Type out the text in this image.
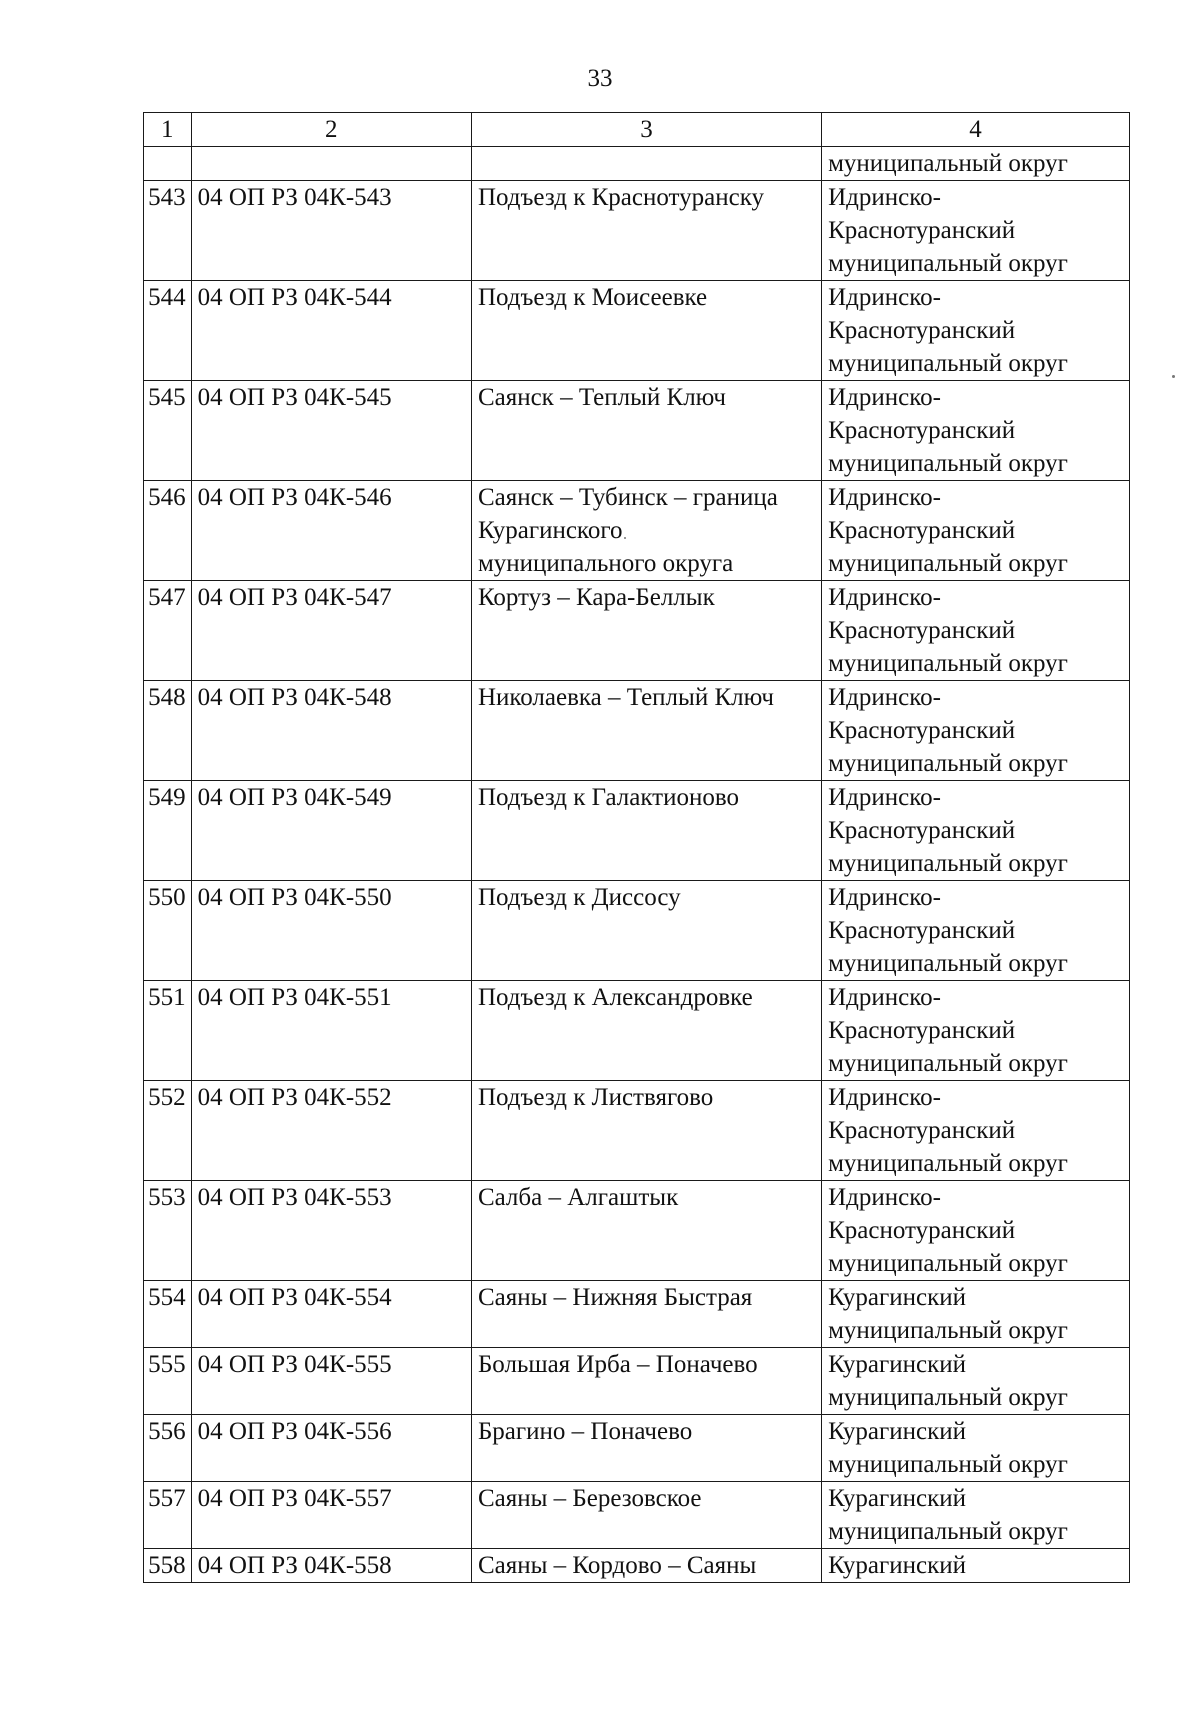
33
1	2	3	4

			муниципальный округ

543	04 ОП РЗ 04К-543	Подъезд к Краснотуранску	Идринско-
Краснотуранский
муниципальный округ

544	04 ОП РЗ 04К-544	Подъезд к Моисеевке	Идринско-
Краснотуранский
муниципальный округ

545	04 ОП РЗ 04К-545	Саянск – Теплый Ключ	Идринско-
Краснотуранский
муниципальный округ

546	04 ОП РЗ 04К-546	Саянск – Тубинск – граница
Курагинского
муниципального округа	Идринско-
Краснотуранский
муниципальный округ

547	04 ОП РЗ 04К-547	Кортуз – Кара-Беллык	Идринско-
Краснотуранский
муниципальный округ

548	04 ОП РЗ 04К-548	Николаевка – Теплый Ключ	Идринско-
Краснотуранский
муниципальный округ

549	04 ОП РЗ 04К-549	Подъезд к Галактионово	Идринско-
Краснотуранский
муниципальный округ

550	04 ОП РЗ 04К-550	Подъезд к Диссосу	Идринско-
Краснотуранский
муниципальный округ

551	04 ОП РЗ 04К-551	Подъезд к Александровке	Идринско-
Краснотуранский
муниципальный округ

552	04 ОП РЗ 04К-552	Подъезд к Листвягово	Идринско-
Краснотуранский
муниципальный округ

553	04 ОП РЗ 04К-553	Салба – Алгаштык	Идринско-
Краснотуранский
муниципальный округ

554	04 ОП РЗ 04К-554	Саяны – Нижняя Быстрая	Курагинский
муниципальный округ

555	04 ОП РЗ 04К-555	Большая Ирба – Поначево	Курагинский
муниципальный округ

556	04 ОП РЗ 04К-556	Брагино – Поначево	Курагинский
муниципальный округ

557	04 ОП РЗ 04К-557	Саяны – Березовское	Курагинский
муниципальный округ

558	04 ОП РЗ 04К-558	Саяны – Кордово – Саяны	Курагинский
